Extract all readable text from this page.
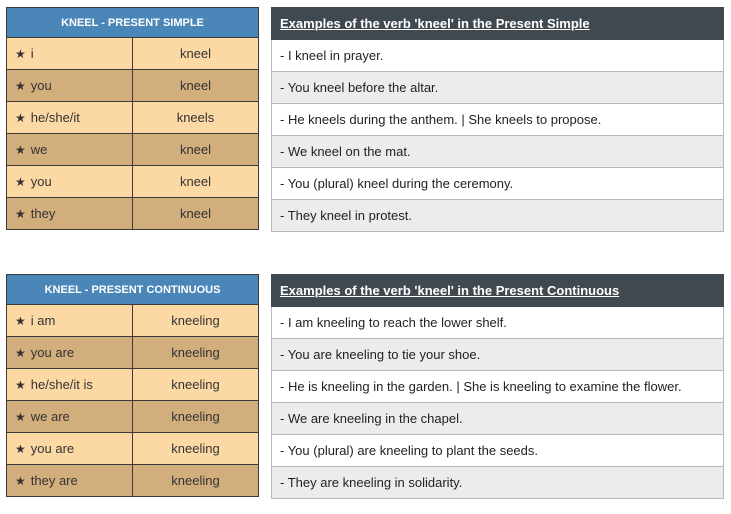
KNEEL - PRESENT SIMPLE	
★ i	kneel
★ you	kneel
★ he/she/it	kneels
★ we	kneel
★ you	kneel
★ they	kneel
Examples of the verb 'kneel' in the Present Simple
- I kneel in prayer.
- You kneel before the altar.
- He kneels during the anthem. | She kneels to propose.
- We kneel on the mat.
- You (plural) kneel during the ceremony.
- They kneel in protest.
KNEEL - PRESENT CONTINUOUS	
★ i am	kneeling
★ you are	kneeling
★ he/she/it is	kneeling
★ we are	kneeling
★ you are	kneeling
★ they are	kneeling
Examples of the verb 'kneel' in the Present Continuous
- I am kneeling to reach the lower shelf.
- You are kneeling to tie your shoe.
- He is kneeling in the garden. | She is kneeling to examine the flower.
- We are kneeling in the chapel.
- You (plural) are kneeling to plant the seeds.
- They are kneeling in solidarity.
